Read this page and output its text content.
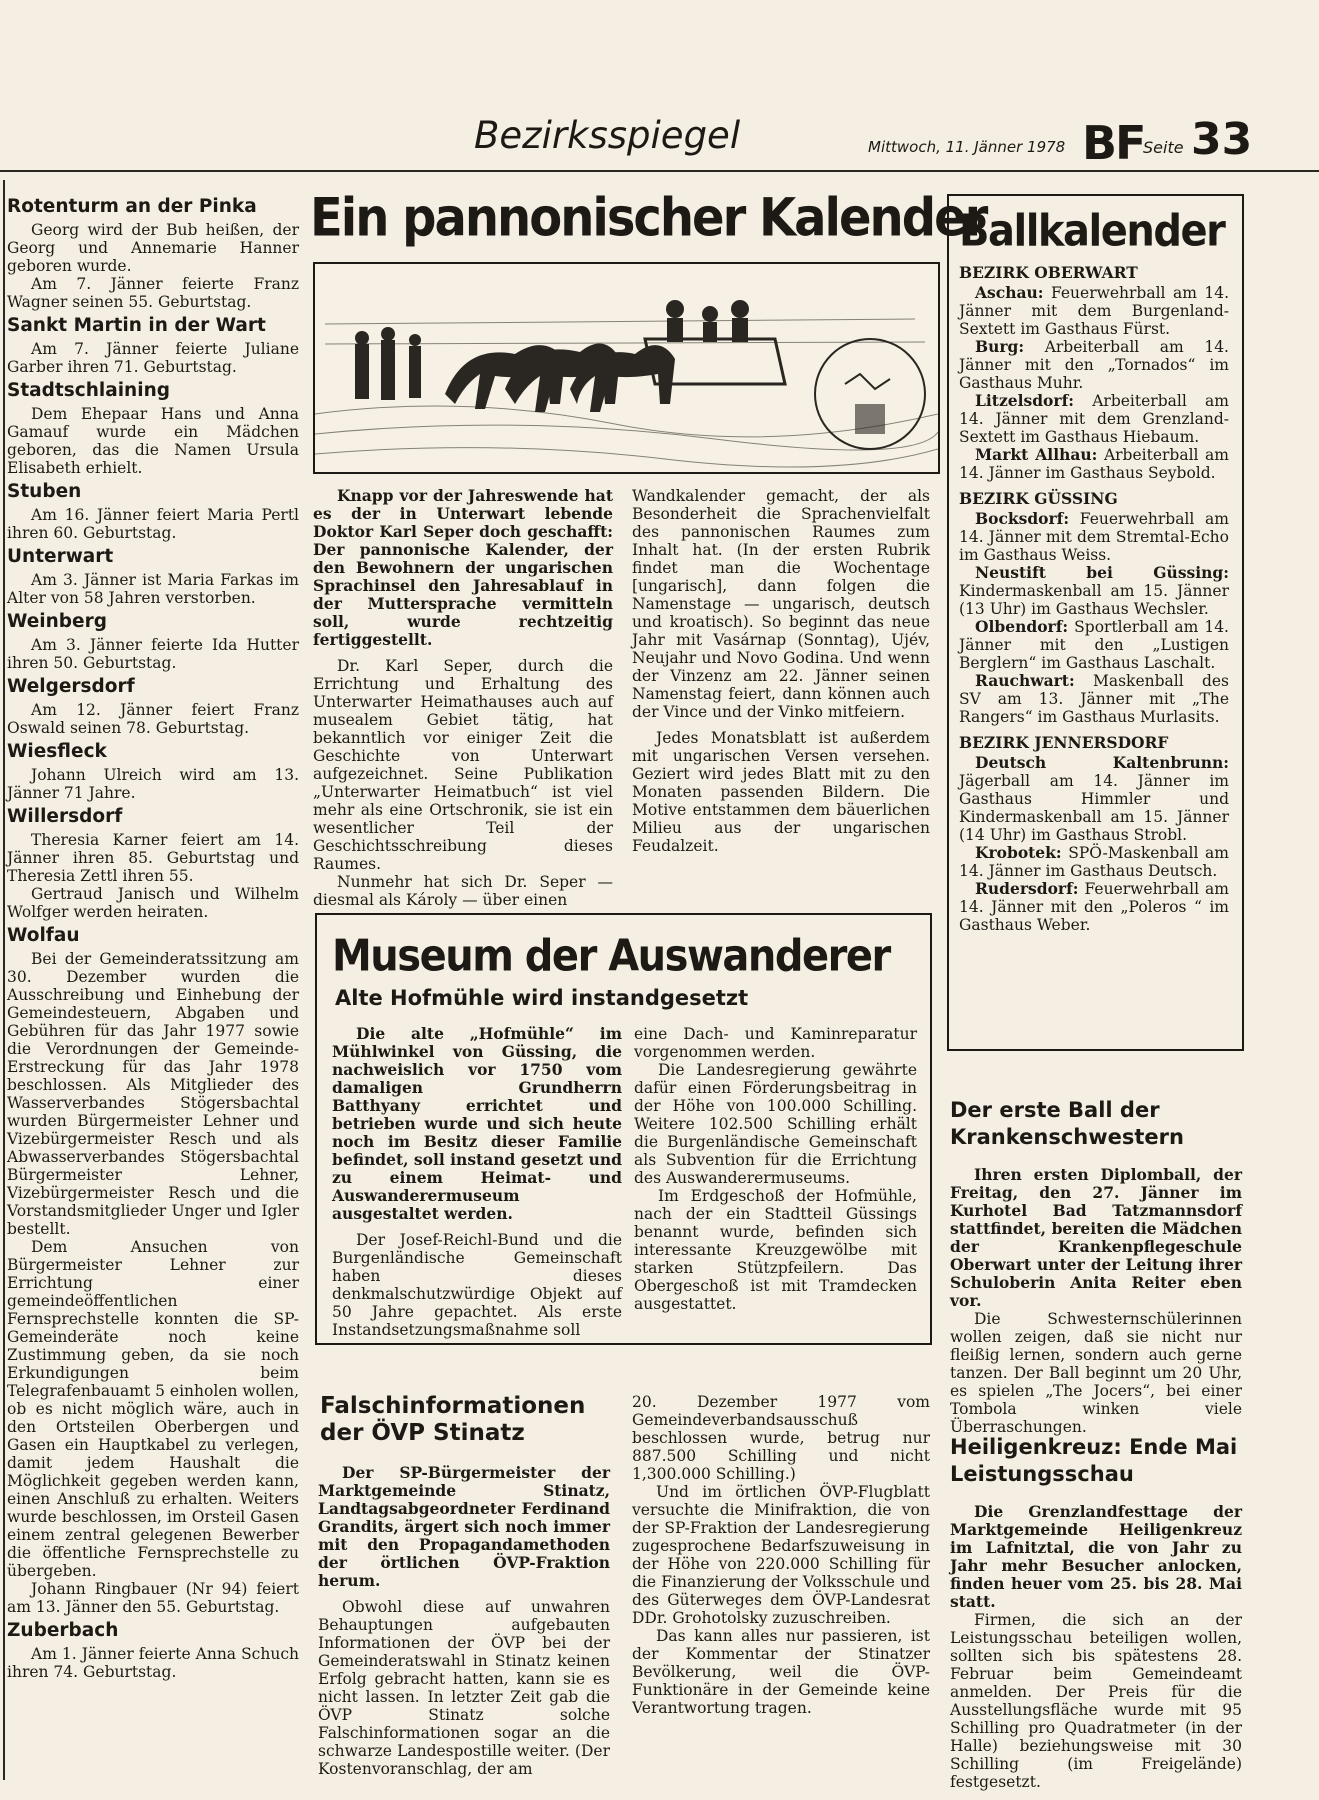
Bezirksspiegel	Mittwoch, 11. Jänner 1978 BF
Seite 33
Rotenturm an der Pinka

Georg wird der Bub heißen, der Georg und Annemarie Hanner geboren wurde.

Am 7. Jänner feierte Franz Wagner seinen 55. Geburtstag.

Sankt Martin in der Wart

Am 7. Jänner feierte Juliane Garber ihren 71. Geburtstag.

Stadtschlaining

Dem Ehepaar Hans und Anna Gamauf wurde ein Mädchen geboren, das die Namen Ursula Elisabeth erhielt.

Stuben

Am 16. Jänner feiert Maria Pertl ihren 60. Geburtstag.

Unterwart

Am 3. Jänner ist Maria Farkas im Alter von 58 Jahren verstorben.

Weinberg

Am 3. Jänner feierte Ida Hutter ihren 50. Geburtstag.

Welgersdorf

Am 12. Jänner feiert Franz Oswald seinen 78. Geburtstag.

Wiesfleck

Johann Ulreich wird am 13. Jänner 71 Jahre.

Willersdorf

Theresia Karner feiert am 14. Jänner ihren 85. Geburtstag und Theresia Zettl ihren 55.

Gertraud Janisch und Wilhelm Wolfger werden heiraten.

Wolfau

Bei der Gemeinderatssitzung am 30. Dezember wurden die Ausschreibung und Einhebung der Gemeindesteuern, Abgaben und Gebühren für das Jahr 1977 sowie die Verordnungen der Gemeinde-Erstreckung für das Jahr 1978 beschlossen. Als Mitglieder des Wasserverbandes Stögersbachtal wurden Bürgermeister Lehner und Vizebürgermeister Resch und als Abwasserverbandes Stögersbachtal Bürgermeister Lehner, Vizebürgermeister Resch und die Vorstandsmitglieder Unger und Igler bestellt.

Dem Ansuchen von Bürgermeister Lehner zur Errichtung einer gemeindeöffentlichen Fernsprechstelle konnten die SP-Gemeinderäte noch keine Zustimmung geben, da sie noch Erkundigungen beim Telegrafenbauamt 5 einholen wollen, ob es nicht möglich wäre, auch in den Ortsteilen Oberbergen und Gasen ein Hauptkabel zu verlegen, damit jedem Haushalt die Möglichkeit gegeben werden kann, einen Anschluß zu erhalten. Weiters wurde beschlossen, im Orsteil Gasen einem zentral gelegenen Bewerber die öffentliche Fernsprechstelle zu übergeben.

Johann Ringbauer (Nr 94) feiert am 13. Jänner den 55. Geburtstag.

Zuberbach

Am 1. Jänner feierte Anna Schuch ihren 74. Geburtstag.

Ein pannonischer Kalender

Knapp vor der Jahreswende hat es der in Unterwart lebende Doktor Karl Seper doch geschafft: Der pannonische Kalender, der den Bewohnern der ungarischen Sprachinsel den Jahresablauf in der Muttersprache vermitteln soll, wurde rechtzeitig fertiggestellt.

Dr. Karl Seper, durch die Errichtung und Erhaltung des Unterwarter Heimathauses auch auf musealem Gebiet tätig, hat bekanntlich vor einiger Zeit die Geschichte von Unterwart aufgezeichnet. Seine Publikation „Unterwarter Heimatbuch“ ist viel mehr als eine Ortschronik, sie ist ein wesentlicher Teil der Geschichtsschreibung dieses Raumes.

Nunmehr hat sich Dr. Seper — diesmal als Károly — über einen

Wandkalender gemacht, der als Besonderheit die Sprachenvielfalt des pannonischen Raumes zum Inhalt hat. (In der ersten Rubrik findet man die Wochentage [ungarisch], dann folgen die Namenstage — ungarisch, deutsch und kroatisch). So beginnt das neue Jahr mit Vasárnap (Sonntag), Ujév, Neujahr und Novo Godina. Und wenn der Vinzenz am 22. Jänner seinen Namenstag feiert, dann können auch der Vince und der Vinko mitfeiern.

Jedes Monatsblatt ist außerdem mit ungarischen Versen versehen. Geziert wird jedes Blatt mit zu den Monaten passenden Bildern. Die Motive entstammen dem bäuerlichen Milieu aus der ungarischen Feudalzeit.

Museum der Auswanderer
Alte Hofmühle wird instandgesetzt

Die alte „Hofmühle“ im Mühlwinkel von Güssing, die nachweislich vor 1750 vom damaligen Grundherrn Batthyany errichtet und betrieben wurde und sich heute noch im Besitz dieser Familie befindet, soll instand gesetzt und zu einem Heimat- und Auswanderermuseum ausgestaltet werden.

Der Josef-Reichl-Bund und die Burgenländische Gemeinschaft haben dieses denkmalschutzwürdige Objekt auf 50 Jahre gepachtet. Als erste Instandsetzungsmaßnahme soll

eine Dach- und Kaminreparatur vorgenommen werden.

Die Landesregierung gewährte dafür einen Förderungsbeitrag in der Höhe von 100.000 Schilling. Weitere 102.500 Schilling erhält die Burgenländische Gemeinschaft als Subvention für die Errichtung des Auswanderermuseums.

Im Erdgeschoß der Hofmühle, nach der ein Stadtteil Güssings benannt wurde, befinden sich interessante Kreuzgewölbe mit starken Stützpfeilern. Das Obergeschoß ist mit Tramdecken ausgestattet.

Falschinformationen der ÖVP Stinatz

Der SP-Bürgermeister der Marktgemeinde Stinatz, Landtagsabgeordneter Ferdinand Grandits, ärgert sich noch immer mit den Propagandamethoden der örtlichen ÖVP-Fraktion herum.

Obwohl diese auf unwahren Behauptungen aufgebauten Informationen der ÖVP bei der Gemeinderatswahl in Stinatz keinen Erfolg gebracht hatten, kann sie es nicht lassen. In letzter Zeit gab die ÖVP Stinatz solche Falschinformationen sogar an die schwarze Landespostille weiter. (Der Kostenvoranschlag, der am

20. Dezember 1977 vom Gemeindeverbandsausschuß beschlossen wurde, betrug nur 887.500 Schilling und nicht 1,300.000 Schilling.)

Und im örtlichen ÖVP-Flugblatt versuchte die Minifraktion, die von der SP-Fraktion der Landesregierung zugesprochene Bedarfszuweisung in der Höhe von 220.000 Schilling für die Finanzierung der Volksschule und des Güterweges dem ÖVP-Landesrat DDr. Grohotolsky zuzuschreiben.

Das kann alles nur passieren, ist der Kommentar der Stinatzer Bevölkerung, weil die ÖVP-Funktionäre in der Gemeinde keine Verantwortung tragen.

Ballkalender
BEZIRK OBERWART

Aschau: Feuerwehrball am 14. Jänner mit dem Burgenland-Sextett im Gasthaus Fürst.

Burg: Arbeiterball am 14. Jänner mit den „Tornados“ im Gasthaus Muhr.

Litzelsdorf: Arbeiterball am 14. Jänner mit dem Grenzland-Sextett im Gasthaus Hiebaum.

Markt Allhau: Arbeiterball am 14. Jänner im Gasthaus Seybold.

BEZIRK GÜSSING

Bocksdorf: Feuerwehrball am 14. Jänner mit dem Stremtal-Echo im Gasthaus Weiss.

Neustift bei Güssing: Kindermaskenball am 15. Jänner (13 Uhr) im Gasthaus Wechsler.

Olbendorf: Sportlerball am 14. Jänner mit den „Lustigen Berglern“ im Gasthaus Laschalt.

Rauchwart: Maskenball des SV am 13. Jänner mit „The Rangers“ im Gasthaus Murlasits.

BEZIRK JENNERSDORF

Deutsch Kaltenbrunn: Jägerball am 14. Jänner im Gasthaus Himmler und Kindermaskenball am 15. Jänner (14 Uhr) im Gasthaus Strobl.

Krobotek: SPÖ-Maskenball am 14. Jänner im Gasthaus Deutsch.

Rudersdorf: Feuerwehrball am 14. Jänner mit den „Poleros “ im Gasthaus Weber.

Der erste Ball der Krankenschwestern

Ihren ersten Diplomball, der Freitag, den 27. Jänner im Kurhotel Bad Tatzmannsdorf stattfindet, bereiten die Mädchen der Krankenpflegeschule Oberwart unter der Leitung ihrer Schuloberin Anita Reiter eben vor.

Die Schwesternschülerinnen wollen zeigen, daß sie nicht nur fleißig lernen, sondern auch gerne tanzen. Der Ball beginnt um 20 Uhr, es spielen „The Jocers“, bei einer Tombola winken viele Überraschungen.

Heiligenkreuz: Ende Mai Leistungsschau

Die Grenzlandfesttage der Marktgemeinde Heiligenkreuz im Lafnitztal, die von Jahr zu Jahr mehr Besucher anlocken, finden heuer vom 25. bis 28. Mai statt.

Firmen, die sich an der Leistungsschau beteiligen wollen, sollten sich bis spätestens 28. Februar beim Gemeindeamt anmelden. Der Preis für die Ausstellungsfläche wurde mit 95 Schilling pro Quadratmeter (in der Halle) beziehungsweise mit 30 Schilling (im Freigelände) festgesetzt.
